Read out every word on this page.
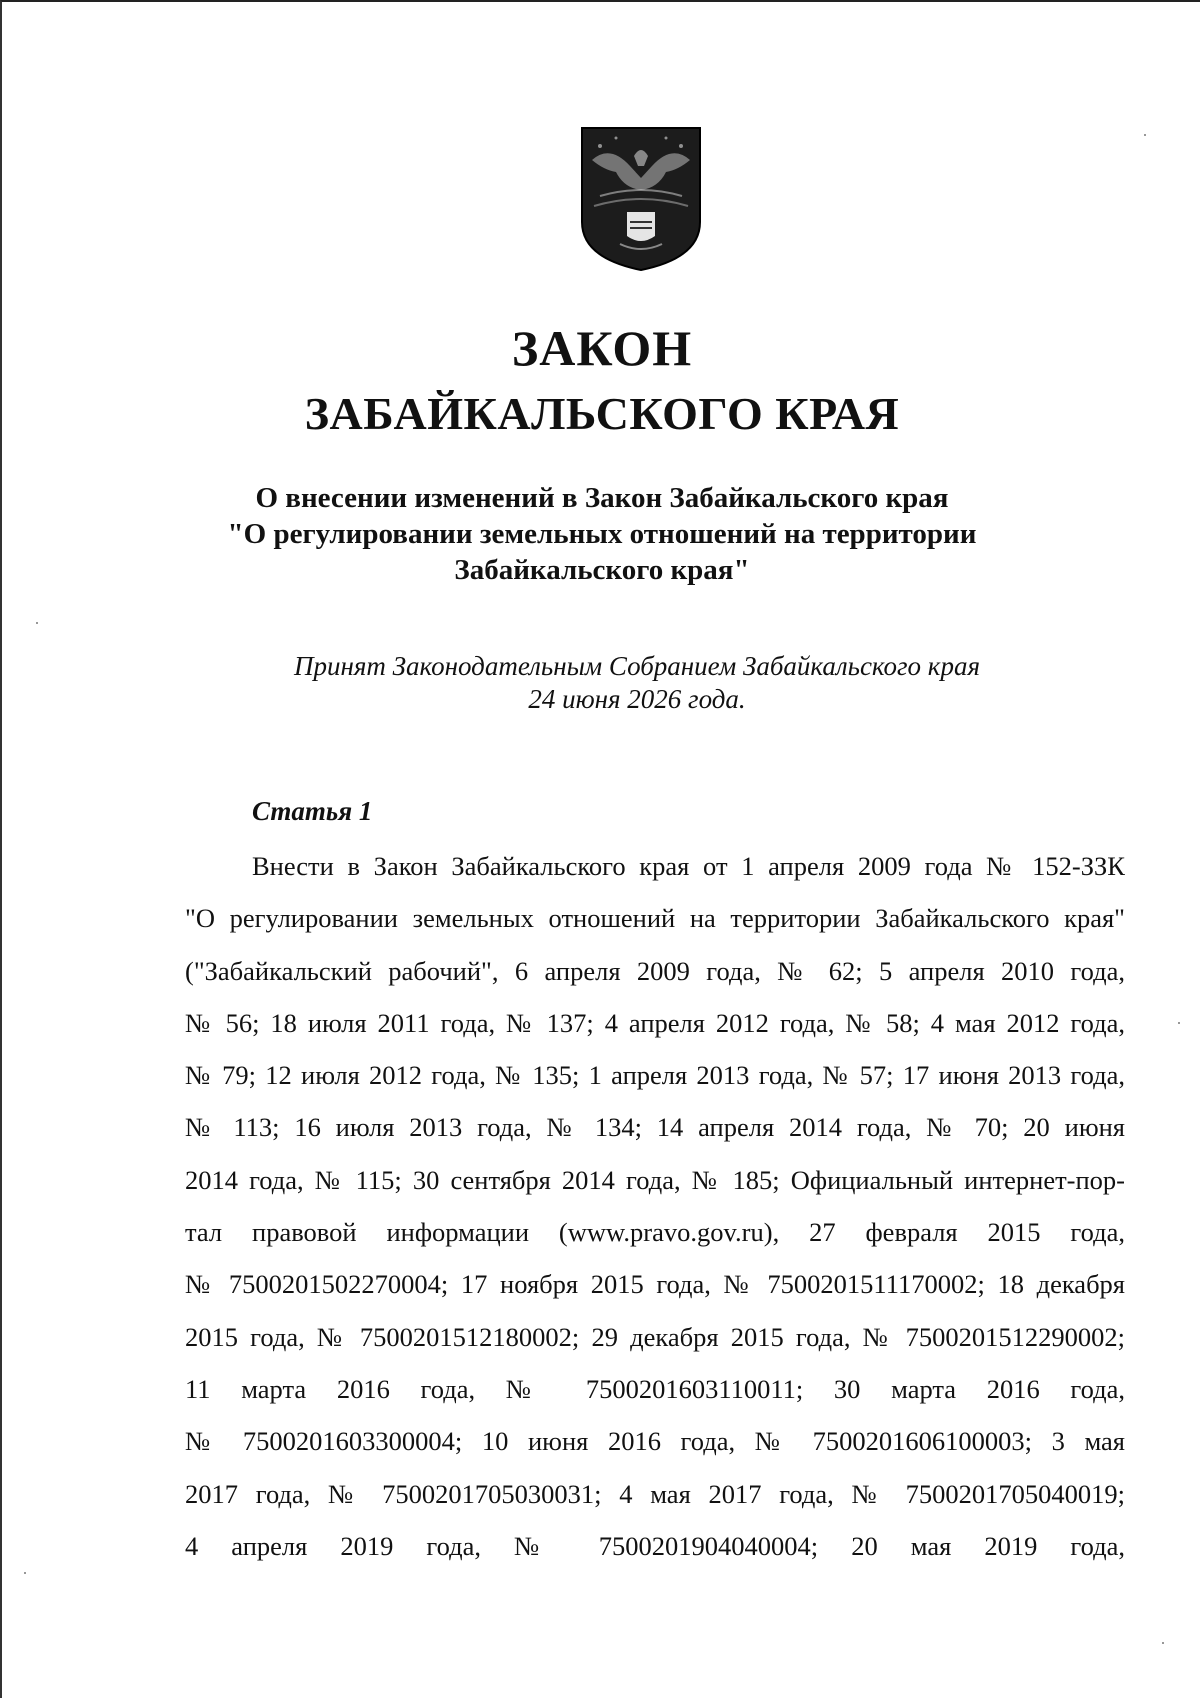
ЗАКОН
ЗАБАЙКАЛЬСКОГО КРАЯ
О внесении изменений в Закон Забайкальского края
"О регулировании земельных отношений на территории
Забайкальского края"
Принят Законодательным Собранием Забайкальского края
24 июня 2026 года.
Статья 1
Внести в Закон Забайкальского края от 1 апреля 2009 года № 152-ЗЗК
"О регулировании земельных отношений на территории Забайкальского края"
("Забайкальский рабочий", 6 апреля 2009 года, № 62; 5 апреля 2010 года,
№ 56; 18 июля 2011 года, № 137; 4 апреля 2012 года, № 58; 4 мая 2012 года,
№ 79; 12 июля 2012 года, № 135; 1 апреля 2013 года, № 57; 17 июня 2013 года,
№ 113; 16 июля 2013 года, № 134; 14 апреля 2014 года, № 70; 20 июня
2014 года, № 115; 30 сентября 2014 года, № 185; Официальный интернет-пор-
тал правовой информации (www.pravo.gov.ru), 27 февраля 2015 года,
№ 7500201502270004; 17 ноября 2015 года, № 7500201511170002; 18 декабря
2015 года, № 7500201512180002; 29 декабря 2015 года, № 7500201512290002;
11 марта 2016 года, № 7500201603110011; 30 марта 2016 года,
№ 7500201603300004; 10 июня 2016 года, № 7500201606100003; 3 мая
2017 года, № 7500201705030031; 4 мая 2017 года, № 7500201705040019;
4 апреля 2019 года, № 7500201904040004; 20 мая 2019 года,
